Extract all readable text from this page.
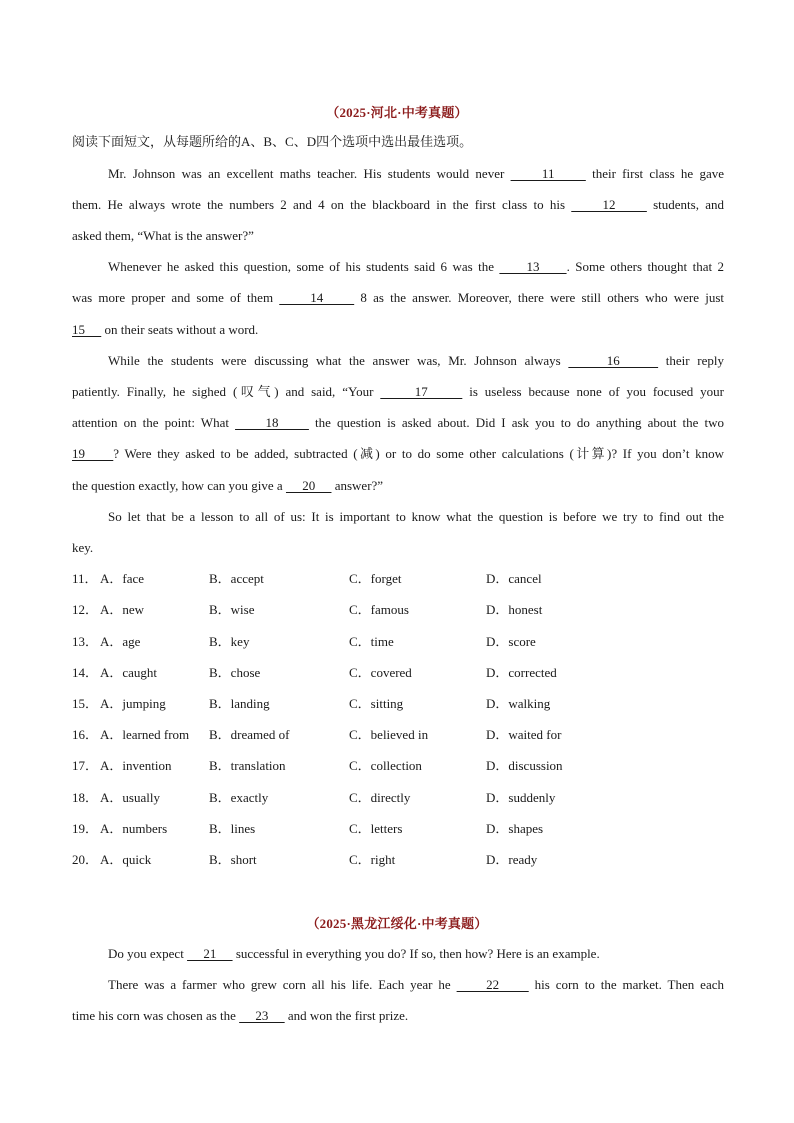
（2025·河北·中考真题）
阅读下面短文，从每题所给的A、B、C、D四个选项中选出最佳选项。
Mr. Johnson was an excellent maths teacher. His students would never      11      their first class he gave
them. He always wrote the numbers 2 and 4 on the blackboard in the first class to his      12      students, and
asked them, “What is the answer?”
Whenever he asked this question, some of his students said 6 was the      13     . Some others thought that 2
was more proper and some of them      14      8 as the answer. Moreover, there were still others who were just
15      on their seats without a word.
While the students were discussing what the answer was, Mr. Johnson always      16      their reply
patiently. Finally, he sighed (叹气) and said, “Your      17      is useless because none of you focused your
attention on the point: What      18      the question is asked about. Did I ask you to do anything about the two
19     ? Were they asked to be added, subtracted (减) or to do some other calculations (计算)? If you don’t know
the question exactly, how can you give a      20      answer?”
So let that be a lesson to all of us: It is important to know what the question is before we try to find out the
key.
11． A．face	B．accept	C．forget	D．cancel
12． A．new	B．wise	C．famous	D．honest
13． A．age	B．key	C．time	D．score
14． A．caught	B．chose	C．covered	D．corrected
15． A．jumping	B．landing	C．sitting	D．walking
16． A．learned from B．dreamed of	C．believed in	D．waited for
17． A．invention	B．translation	C．collection	D．discussion
18． A．usually	B．exactly	C．directly	D．suddenly
19． A．numbers	B．lines	C．letters	D．shapes
20． A．quick	B．short	C．right	D．ready
（2025·黑龙江绥化·中考真题）
Do you expect      21      successful in everything you do? If so, then how? Here is an example.
There was a farmer who grew corn all his life. Each year he      22      his corn to the market. Then each
time his corn was chosen as the      23      and won the first prize.
